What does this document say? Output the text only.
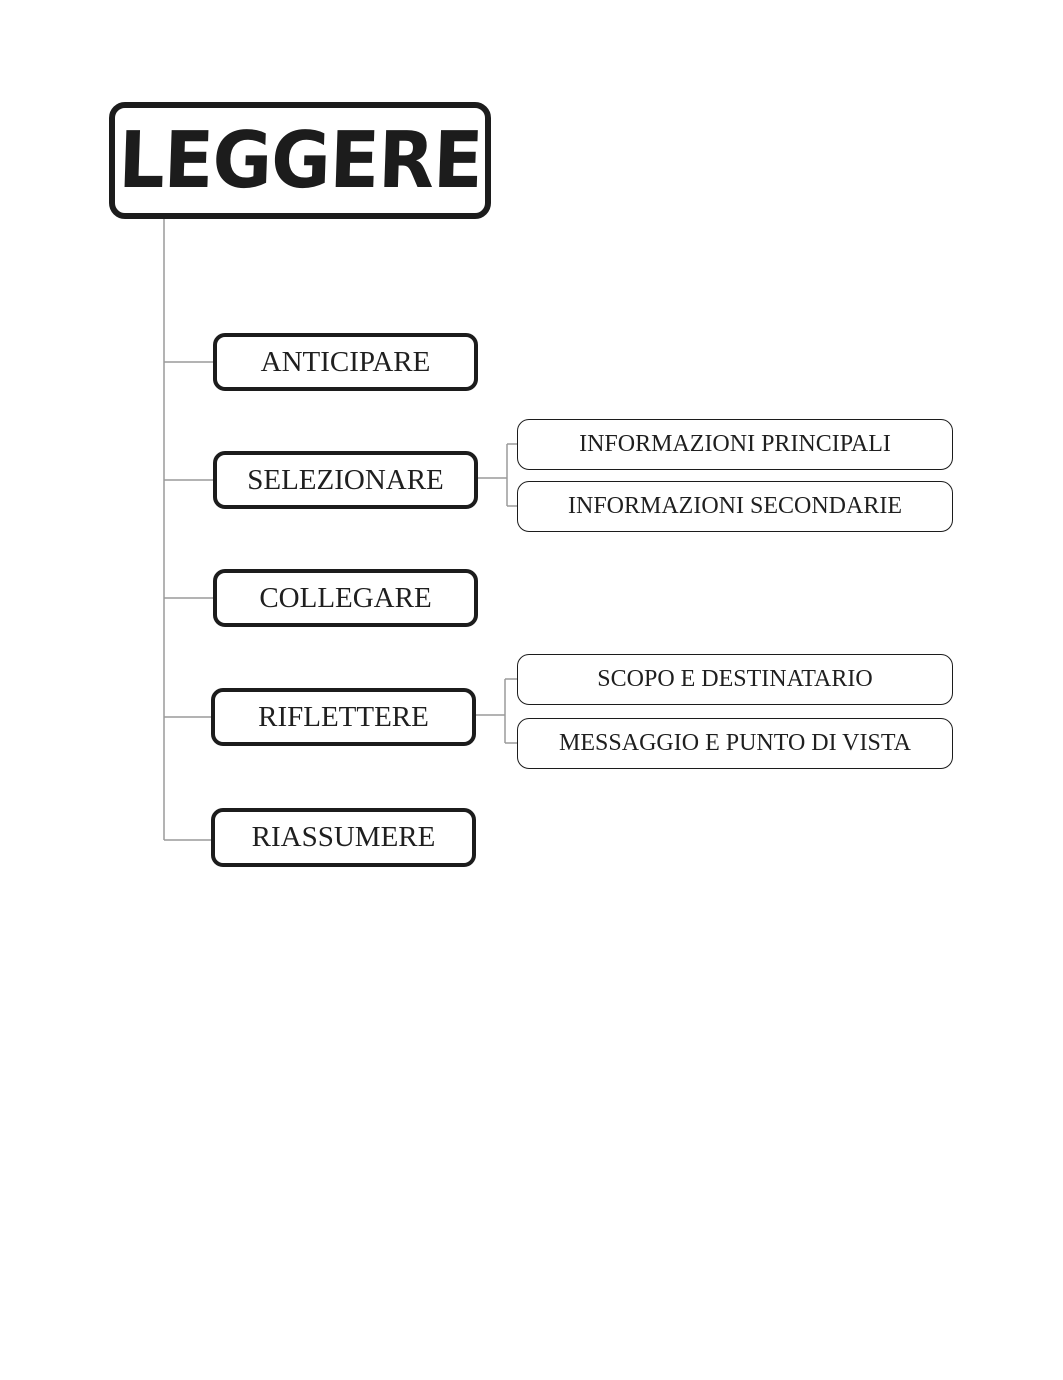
LEGGERE
ANTICIPARE
SELEZIONARE
COLLEGARE
RIFLETTERE
RIASSUMERE
INFORMAZIONI PRINCIPALI
INFORMAZIONI SECONDARIE
SCOPO E DESTINATARIO
MESSAGGIO E PUNTO DI VISTA
